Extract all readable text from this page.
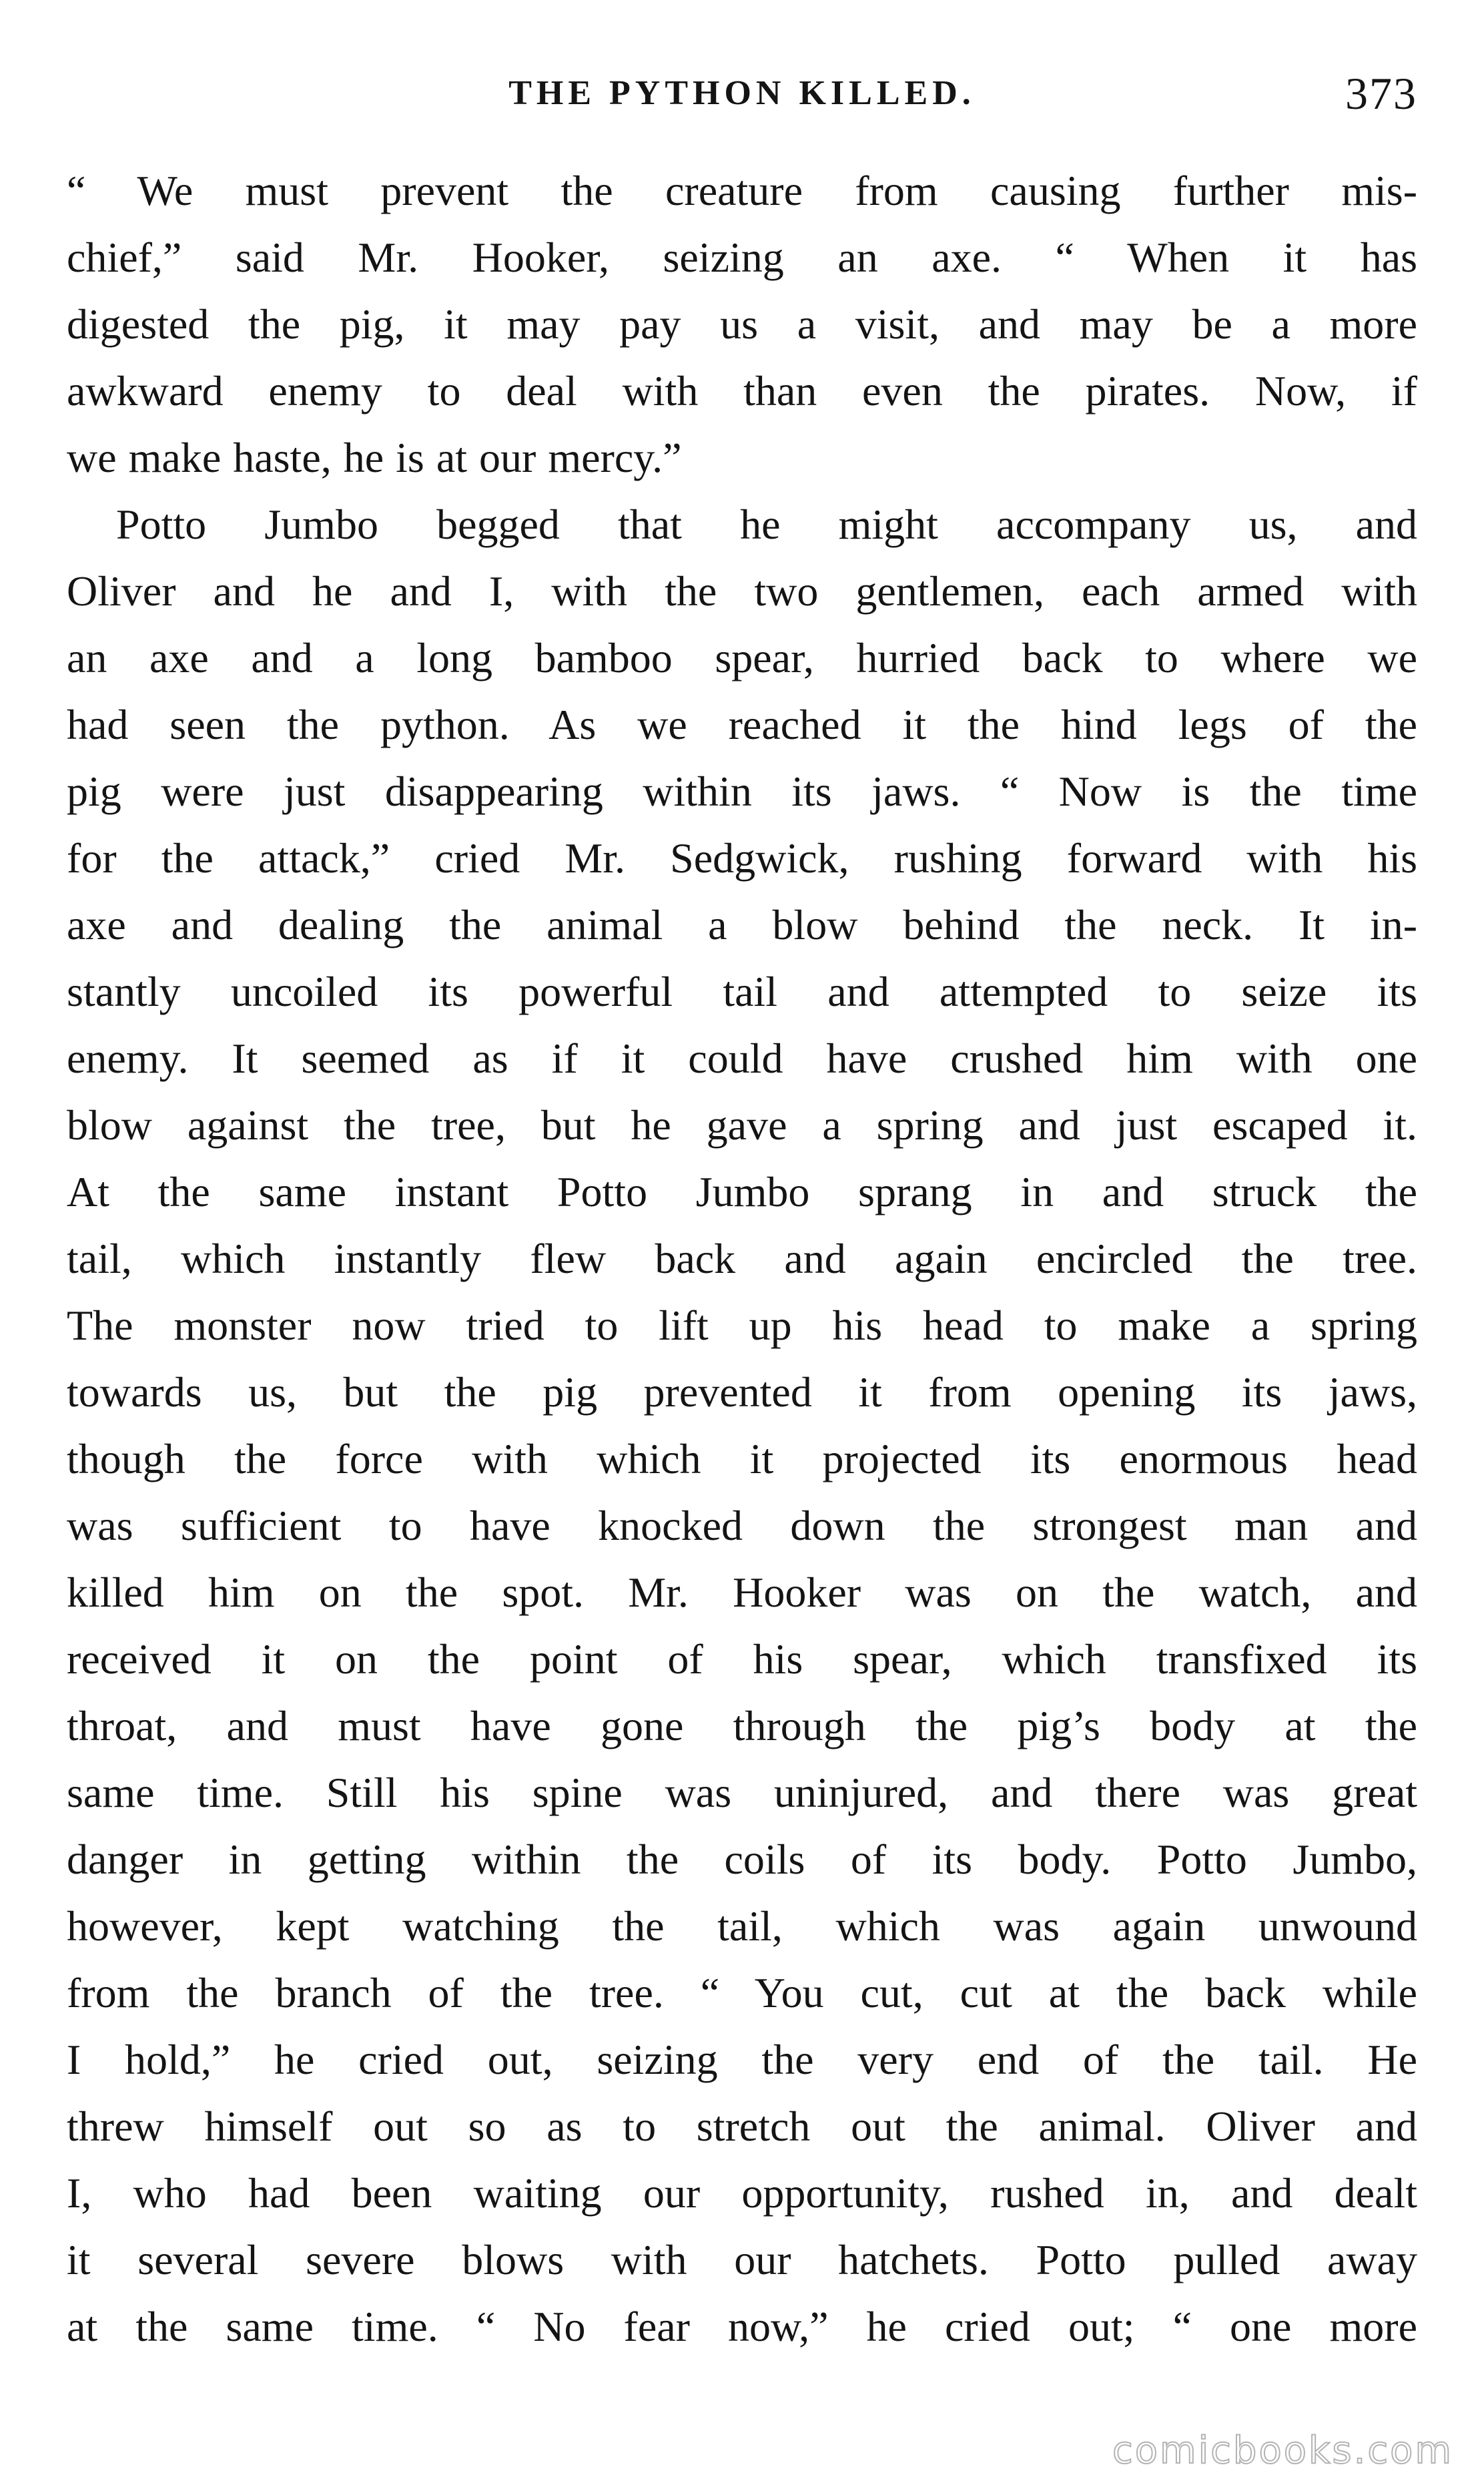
THE PYTHON KILLED.	373
“ We must prevent the creature from causing further mis-
chief,” said Mr. Hooker, seizing an axe. “ When it has
digested the pig, it may pay us a visit, and may be a more
awkward enemy to deal with than even the pirates. Now, if
we make haste, he is at our mercy.”
Potto Jumbo begged that he might accompany us, and
Oliver and he and I, with the two gentlemen, each armed with
an axe and a long bamboo spear, hurried back to where we
had seen the python. As we reached it the hind legs of the
pig were just disappearing within its jaws. “ Now is the time
for the attack,” cried Mr. Sedgwick, rushing forward with his
axe and dealing the animal a blow behind the neck. It in-
stantly uncoiled its powerful tail and attempted to seize its
enemy. It seemed as if it could have crushed him with one
blow against the tree, but he gave a spring and just escaped it.
At the same instant Potto Jumbo sprang in and struck the
tail, which instantly flew back and again encircled the tree.
The monster now tried to lift up his head to make a spring
towards us, but the pig prevented it from opening its jaws,
though the force with which it projected its enormous head
was sufficient to have knocked down the strongest man and
killed him on the spot. Mr. Hooker was on the watch, and
received it on the point of his spear, which transfixed its
throat, and must have gone through the pig’s body at the
same time. Still his spine was uninjured, and there was great
danger in getting within the coils of its body. Potto Jumbo,
however, kept watching the tail, which was again unwound
from the branch of the tree. “ You cut, cut at the back while
I hold,” he cried out, seizing the very end of the tail. He
threw himself out so as to stretch out the animal. Oliver and
I, who had been waiting our opportunity, rushed in, and dealt
it several severe blows with our hatchets. Potto pulled away
at the same time. “ No fear now,” he cried out; “ one more
comicbooks.com
